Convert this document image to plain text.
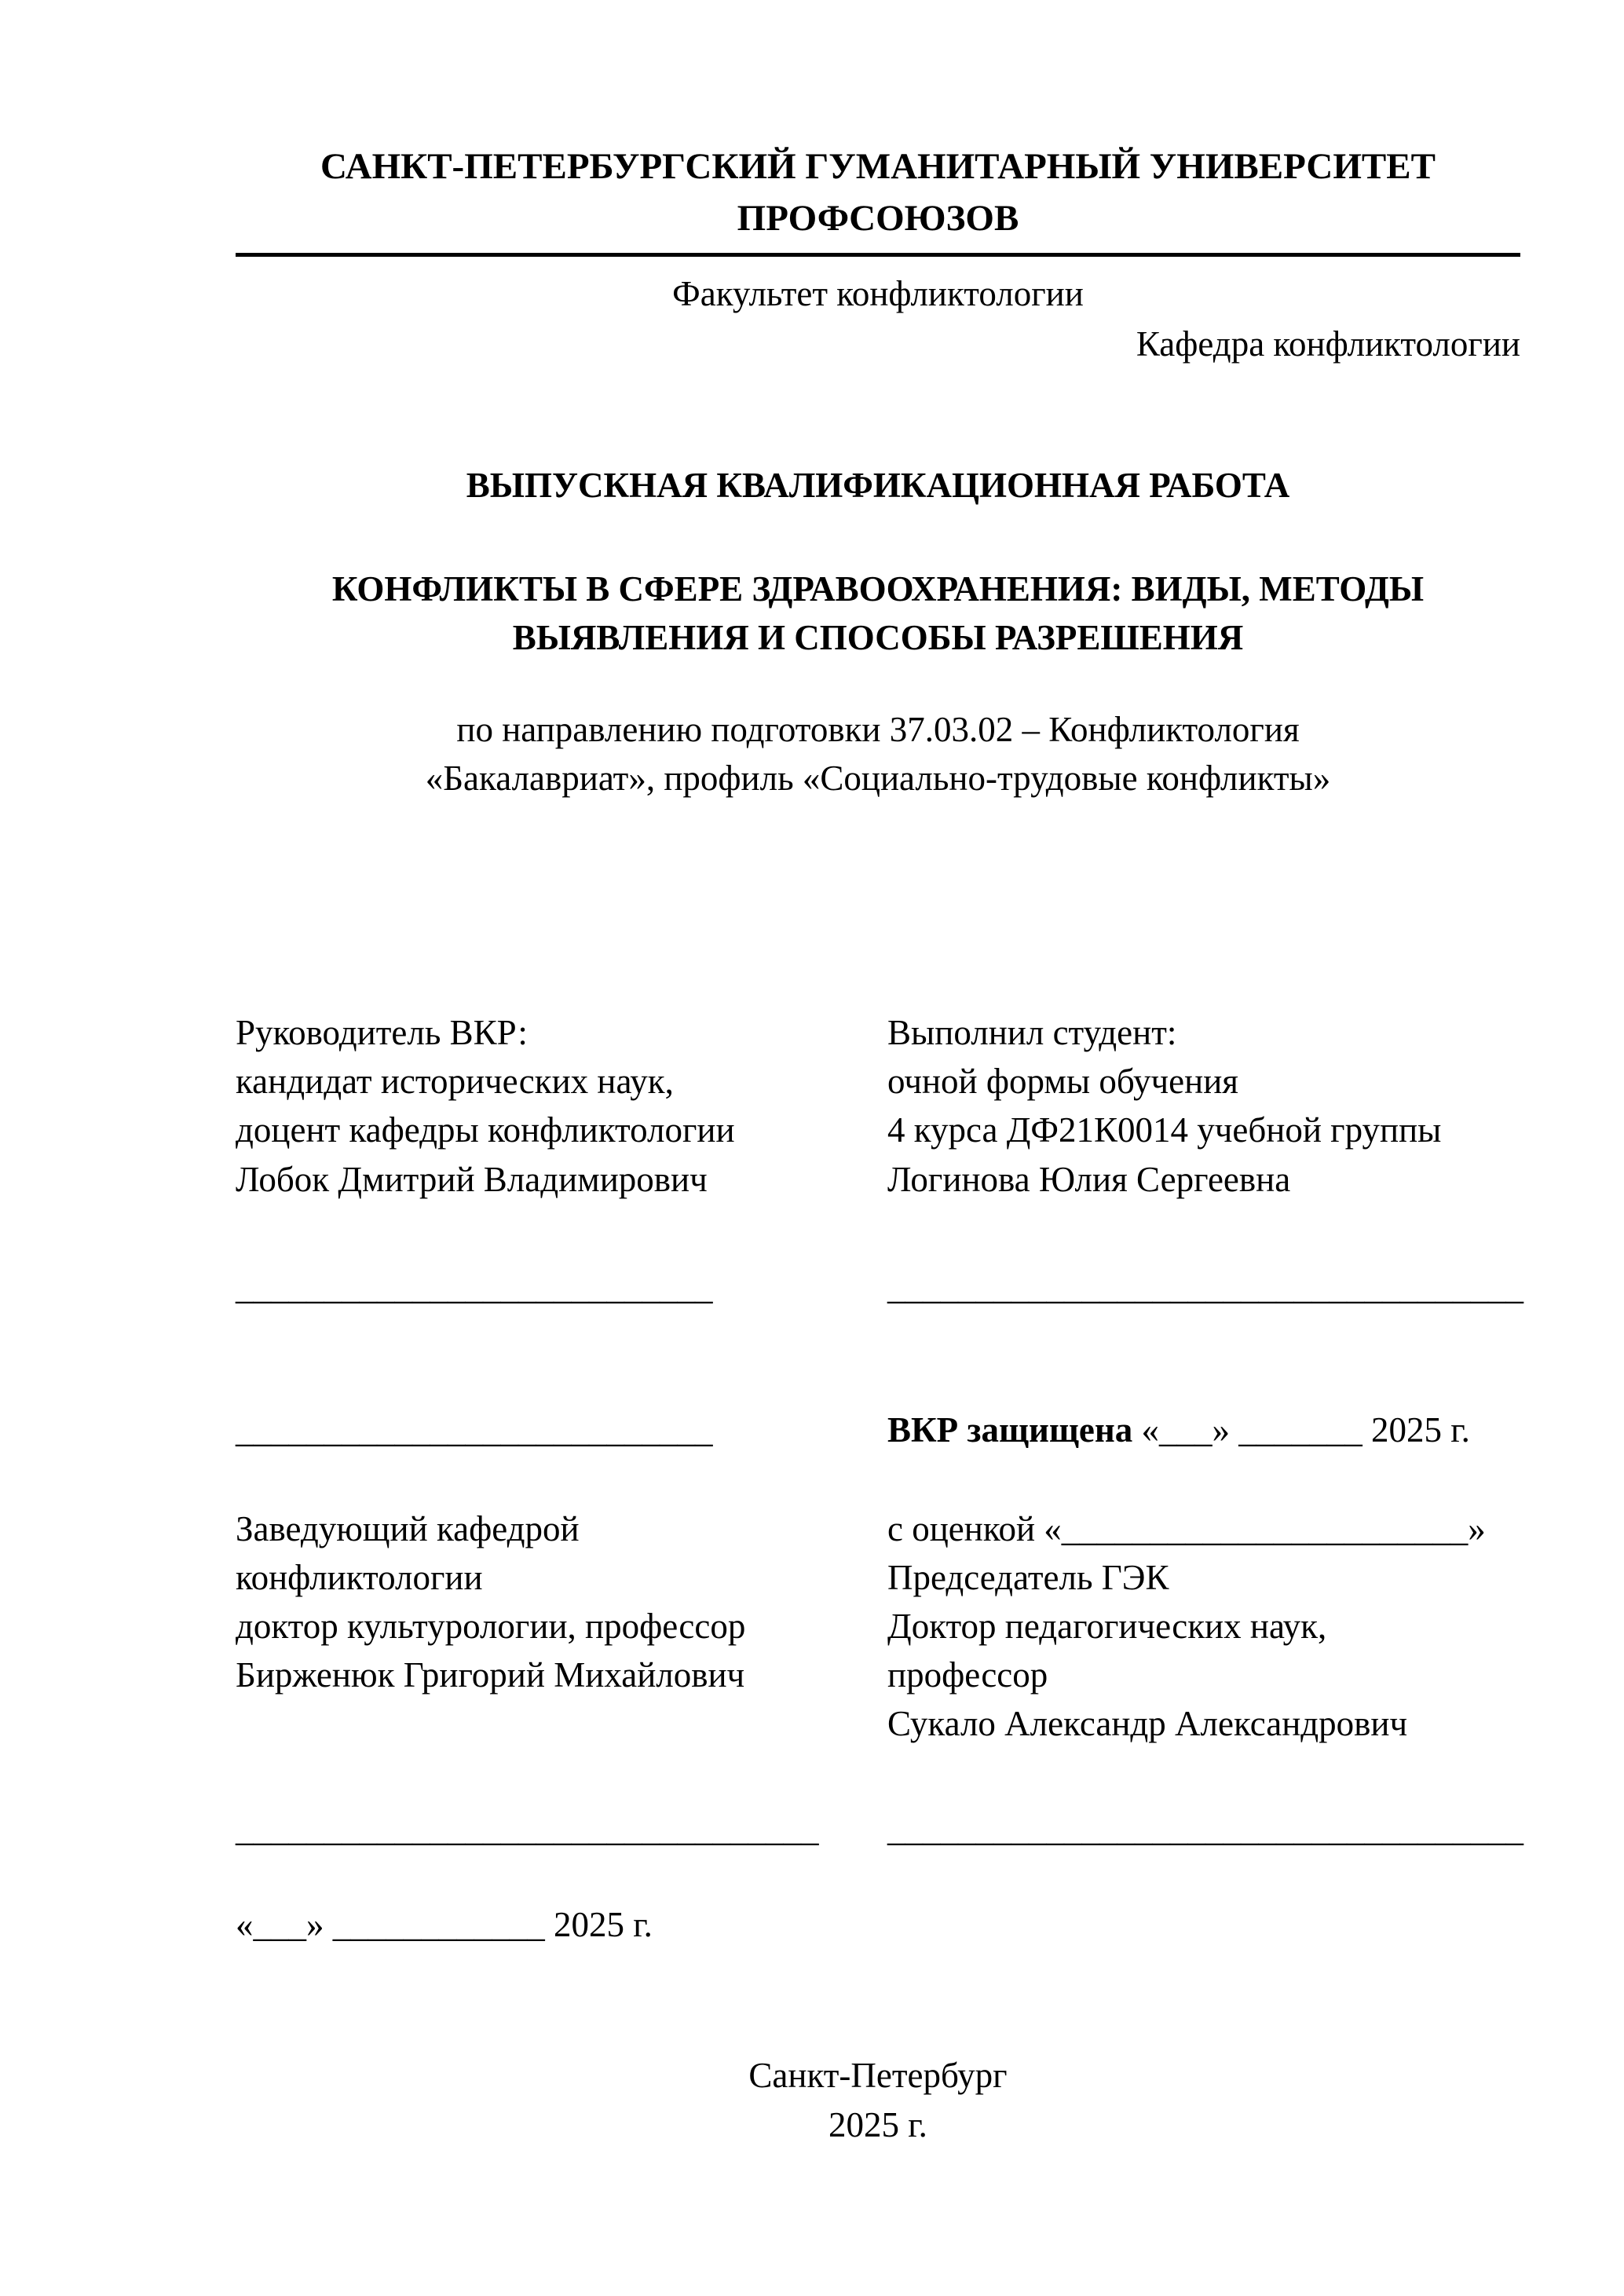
САНКТ-ПЕТЕРБУРГСКИЙ ГУМАНИТАРНЫЙ УНИВЕРСИТЕТ
ПРОФСОЮЗОВ
Факультет конфликтологии
Кафедра конфликтологии
ВЫПУСКНАЯ КВАЛИФИКАЦИОННАЯ РАБОТА
КОНФЛИКТЫ В СФЕРЕ ЗДРАВООХРАНЕНИЯ: ВИДЫ, МЕТОДЫ
ВЫЯВЛЕНИЯ И СПОСОБЫ РАЗРЕШЕНИЯ
по направлению подготовки 37.03.02 – Конфликтология
«Бакалавриат», профиль «Социально-трудовые конфликты»
Руководитель ВКР:
кандидат исторических наук,
доцент кафедры конфликтологии
Лобок Дмитрий Владимирович
Выполнил студент:
очной формы обучения
4 курса ДФ21К0014 учебной группы
Логинова Юлия Сергеевна
___________________________	____________________________________
___________________________	ВКР защищена «___» _______ 2025 г.
Заведующий кафедрой
конфликтологии
доктор культурологии, профессор
Бирженюк Григорий Михайлович
с оценкой «_______________________»
Председатель ГЭК
Доктор педагогических наук,
профессор
Сукало Александр Александрович
_________________________________	____________________________________
«___» ____________ 2025 г.
Санкт-Петербург
2025 г.
